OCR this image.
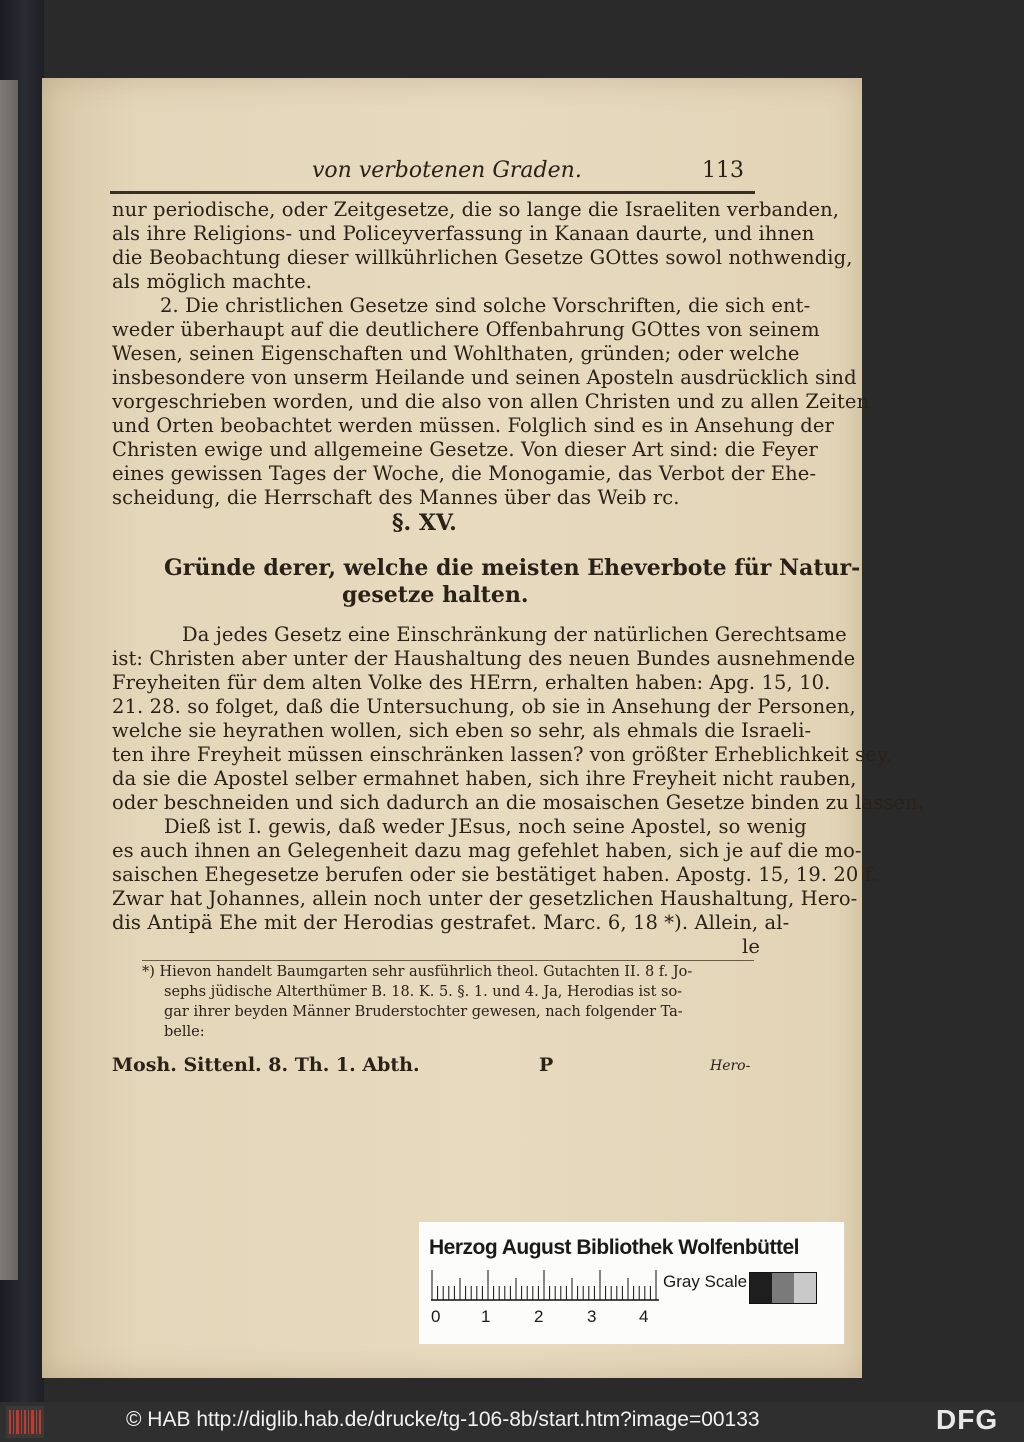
von verbotenen Graden.	113
nur periodische, oder Zeitgesetze, die so lange die Israeliten verbanden,
als ihre Religions- und Policeyverfassung in Kanaan daurte, und ihnen
die Beobachtung dieser willkührlichen Gesetze GOttes sowol nothwendig,
als möglich machte.
2. Die christlichen Gesetze sind solche Vorschriften, die sich ent-
weder überhaupt auf die deutlichere Offenbahrung GOttes von seinem
Wesen, seinen Eigenschaften und Wohlthaten, gründen; oder welche
insbesondere von unserm Heilande und seinen Aposteln ausdrücklich sind
vorgeschrieben worden, und die also von allen Christen und zu allen Zeiten
und Orten beobachtet werden müssen. Folglich sind es in Ansehung der
Christen ewige und allgemeine Gesetze. Von dieser Art sind: die Feyer
eines gewissen Tages der Woche, die Monogamie, das Verbot der Ehe-
scheidung, die Herrschaft des Mannes über das Weib rc.
§. XV.
Gründe derer, welche die meisten Eheverbote für Natur-
gesetze halten.
Da jedes Gesetz eine Einschränkung der natürlichen Gerechtsame
ist: Christen aber unter der Haushaltung des neuen Bundes ausnehmende
Freyheiten für dem alten Volke des HErrn, erhalten haben: Apg. 15, 10.
21. 28. so folget, daß die Untersuchung, ob sie in Ansehung der Personen,
welche sie heyrathen wollen, sich eben so sehr, als ehmals die Israeli-
ten ihre Freyheit müssen einschränken lassen? von größter Erheblichkeit sey,
da sie die Apostel selber ermahnet haben, sich ihre Freyheit nicht rauben,
oder beschneiden und sich dadurch an die mosaischen Gesetze binden zu lassen.
Dieß ist I. gewis, daß weder JEsus, noch seine Apostel, so wenig
es auch ihnen an Gelegenheit dazu mag gefehlet haben, sich je auf die mo-
saischen Ehegesetze berufen oder sie bestätiget haben. Apostg. 15, 19. 20 f.
Zwar hat Johannes, allein noch unter der gesetzlichen Haushaltung, Hero-
dis Antipä Ehe mit der Herodias gestrafet. Marc. 6, 18 *). Allein, al-
le
*) Hievon handelt Baumgarten sehr ausführlich theol. Gutachten II. 8 f. Jo-
sephs jüdische Alterthümer B. 18. K. 5. §. 1. und 4. Ja, Herodias ist so-
gar ihrer beyden Männer Bruderstochter gewesen, nach folgender Ta-
belle:
Mosh. Sittenl. 8. Th. 1. Abth.	P	Hero-
Herzog August Bibliothek Wolfenbüttel
0 1	2	3	4
Gray Scale
© HAB http://diglib.hab.de/drucke/tg-106-8b/start.htm?image=00133	DFG
